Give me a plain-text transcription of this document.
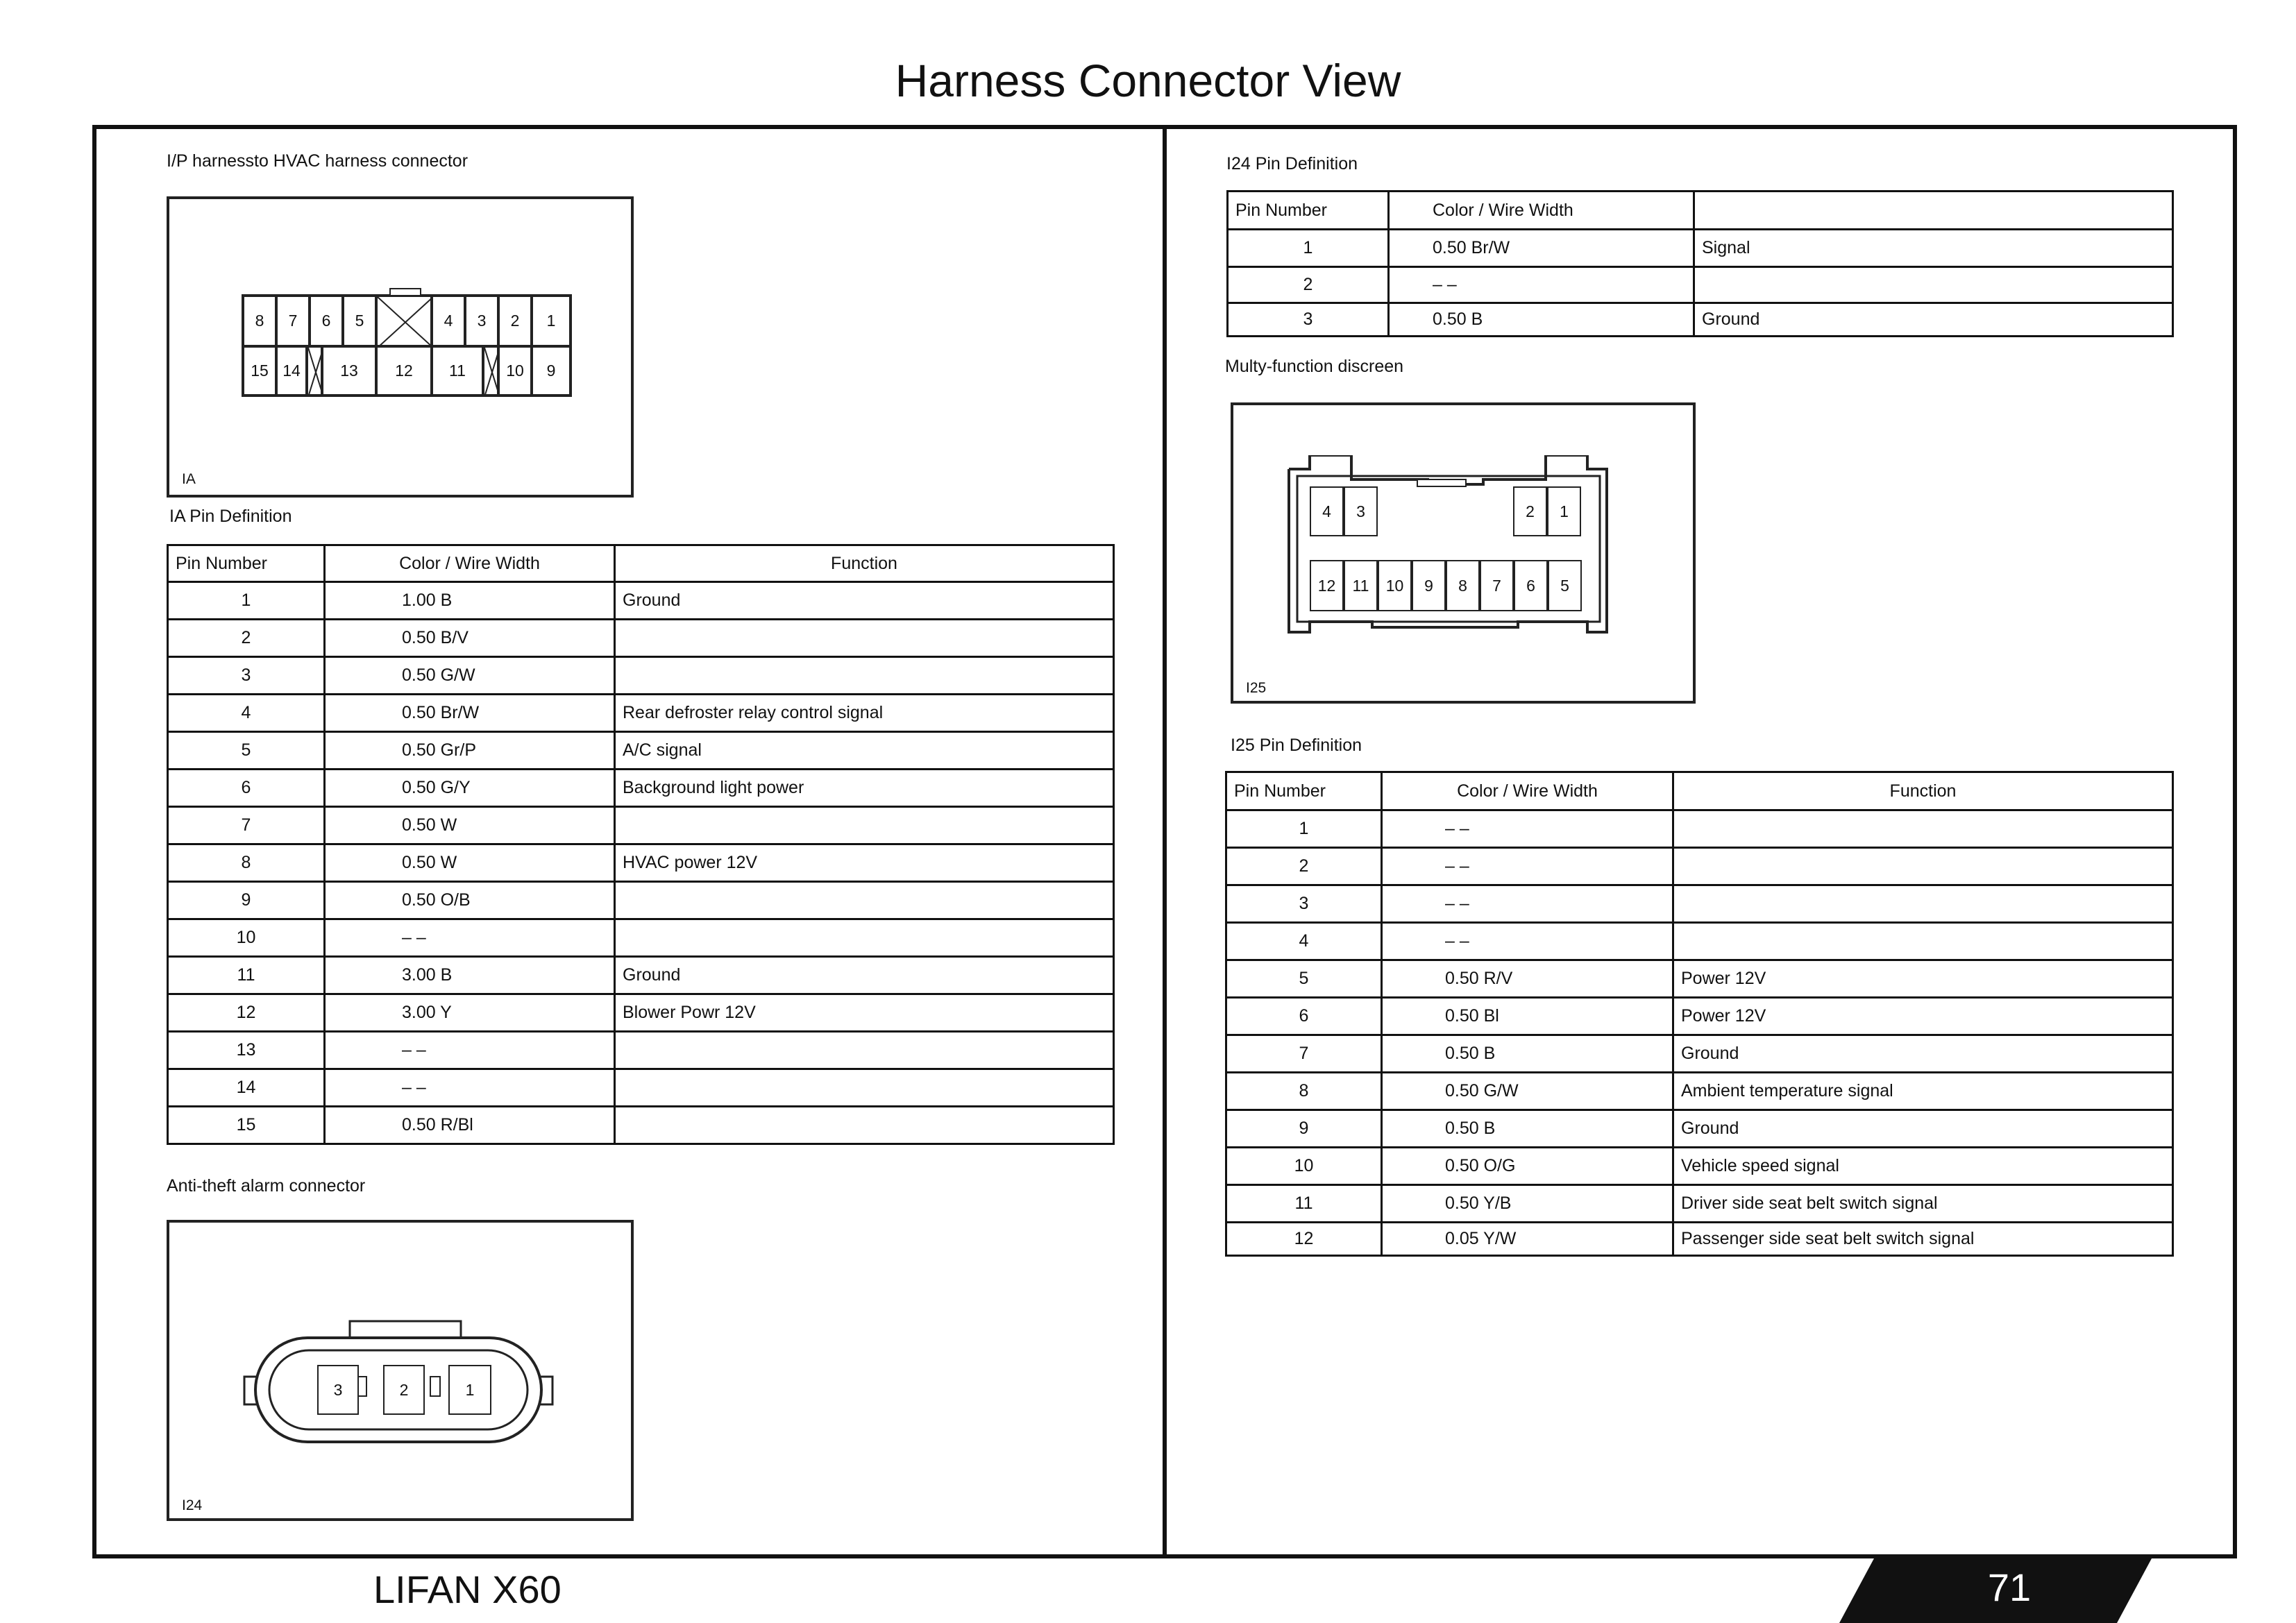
Harness Connector View
I/P harnessto HVAC harness connector
IA
8	7	6	5	4	3	2	1
15 14	13	12	11	10	9
IA Pin Definition
Pin Number	Color / Wire Width	Function
1	1.00 B	Ground
2	0.50 B/V	
3	0.50 G/W	
4	0.50 Br/W	Rear defroster relay control signal
5	0.50 Gr/P	A/C signal
6	0.50 G/Y	Background light power
7	0.50 W	
8	0.50 W	HVAC power 12V
9	0.50 O/B	
10	– –	
11	3.00 B	Ground
12	3.00 Y	Blower Powr 12V
13	– –	
14	– –	
15	0.50 R/Bl	
Anti-theft alarm connector
I24
3	2	1
I24 Pin Definition
Pin Number	Color / Wire Width	
1	0.50 Br/W	Signal
2	– –	
3	0.50 B	Ground
Multy-function discreen
I25
4	3	2	1
12	11	10	9	8	7	6	5
I25 Pin Definition
Pin Number	Color / Wire Width	Function
1	– –	
2	– –	
3	– –	
4	– –	
5	0.50 R/V	Power 12V
6	0.50 Bl	Power 12V
7	0.50 B	Ground
8	0.50 G/W	Ambient temperature signal
9	0.50 B	Ground
10	0.50 O/G	Vehicle speed signal
11	0.50 Y/B	Driver side seat belt switch signal
12	0.05 Y/W	Passenger side seat belt switch signal
LIFAN X60	71
